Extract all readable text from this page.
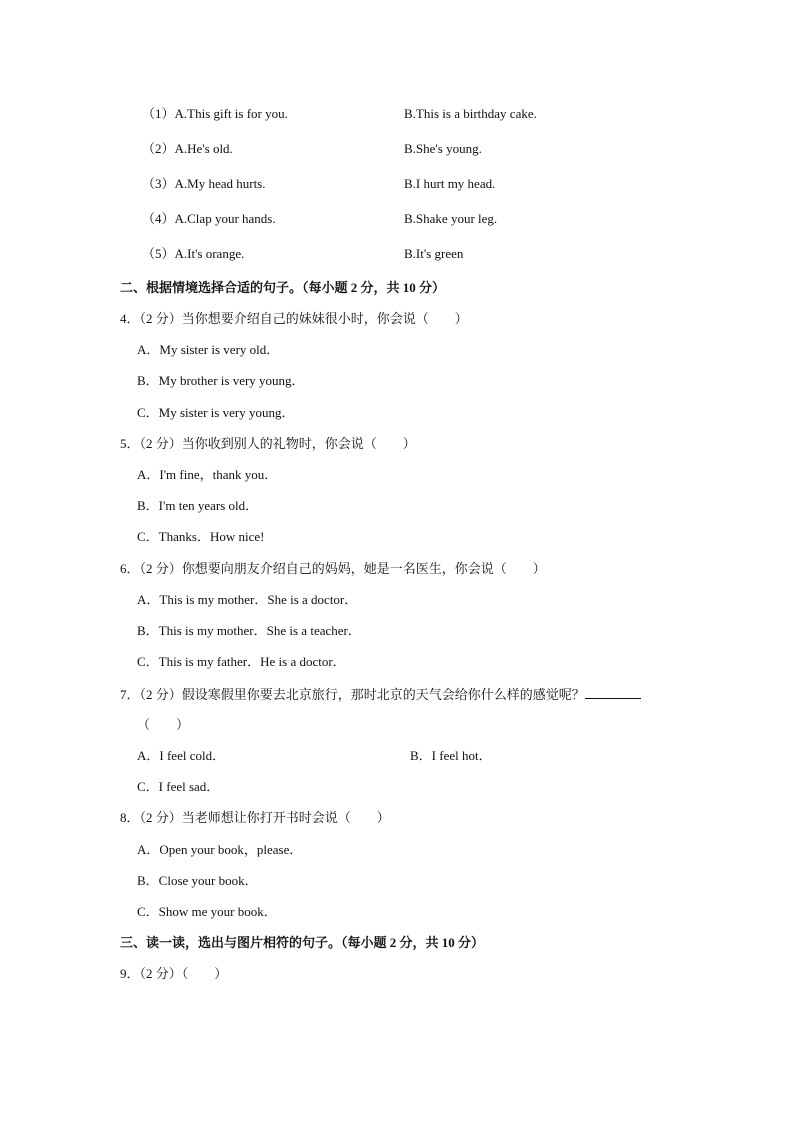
（1）A.This gift is for you.	B.This is a birthday cake.
（2）A.He's old.	B.She's young.
（3）A.My head hurts.	B.I hurt my head.
（4）A.Clap your hands.	B.Shake your leg.
（5）A.It's orange.	B.It's green
二、根据情境选择合适的句子。（每小题 2 分，共 10 分）
4．（2 分）当你想要介绍自己的妹妹很小时，你会说（　　）
A．My sister is very old．
B．My brother is very young．
C．My sister is very young．
5．（2 分）当你收到别人的礼物时，你会说（　　）
A．I'm fine，thank you．
B．I'm ten years old．
C．Thanks．How nice!
6．（2 分）你想要向朋友介绍自己的妈妈，她是一名医生，你会说（　　）
A．This is my mother．She is a doctor．
B．This is my mother．She is a teacher．
C．This is my father．He is a doctor．
7．（2 分）假设寒假里你要去北京旅行，那时北京的天气会给你什么样的感觉呢？
（　　）
A．I feel cold．	B．I feel hot．
C．I feel sad．
8．（2 分）当老师想让你打开书时会说（　　）
A．Open your book，please．
B．Close your book．
C．Show me your book．
三、读一读，选出与图片相符的句子。（每小题 2 分，共 10 分）
9．（2 分）（　　）
